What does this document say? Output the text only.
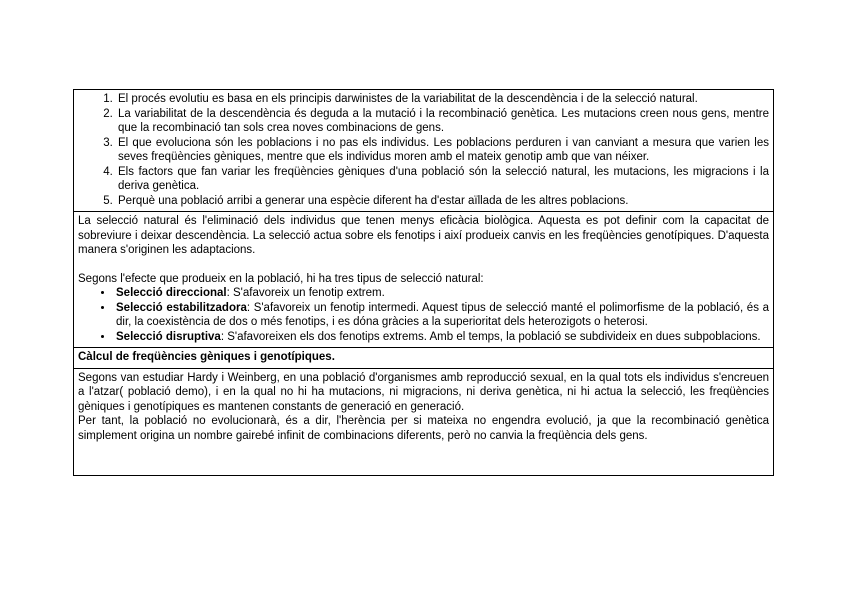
1. El procés evolutiu es basa en els principis darwinistes de la variabilitat de la descendència i de la selecció natural.
2. La variabilitat de la descendència és deguda a la mutació i la recombinació genètica. Les mutacions creen nous gens, mentre que la recombinació tan sols crea noves combinacions de gens.
3. El que evoluciona són les poblacions i no pas els individus. Les poblacions perduren i van canviant a mesura que varien les seves freqüències gèniques, mentre que els individus moren amb el mateix genotip amb que van néixer.
4. Els factors que fan variar les freqüències gèniques d'una població són la selecció natural, les mutacions, les migracions i la deriva genètica.
5. Perquè una població arribi a generar una espècie diferent ha d'estar aïllada de les altres poblacions.

La selecció natural és l'eliminació dels individus que tenen menys eficàcia biològica. Aquesta es pot definir com la capacitat de sobreviure i deixar descendència. La selecció actua sobre els fenotips i així produeix canvis en les freqüències genotípiques. D'aquesta manera s'originen les adaptacions.

Segons l'efecte que produeix en la població, hi ha tres tipus de selecció natural:

• Selecció direccional: S'afavoreix un fenotip extrem.
• Selecció estabilitzadora: S'afavoreix un fenotip intermedi. Aquest tipus de selecció manté el polimorfisme de la població, és a dir, la coexistència de dos o més fenotips, i es dóna gràcies a la superioritat dels heterozigots o heterosi.
• Selecció disruptiva: S'afavoreixen els dos fenotips extrems. Amb el temps, la població se subdivideix en dues subpoblacions.

Càlcul de freqüències gèniques i genotípiques.

Segons van estudiar Hardy i Weinberg, en una població d'organismes amb reproducció sexual, en la qual tots els individus s'encreuen a l'atzar( població demo), i en la qual no hi ha mutacions, ni migracions, ni deriva genètica, ni hi actua la selecció, les freqüències gèniques i genotípiques es mantenen constants de generació en generació.

Per tant, la població no evolucionarà, és a dir, l'herència per si mateixa no engendra evolució, ja que la recombinació genètica simplement origina un nombre gairebé infinit de combinacions diferents, però no canvia la freqüència dels gens.
